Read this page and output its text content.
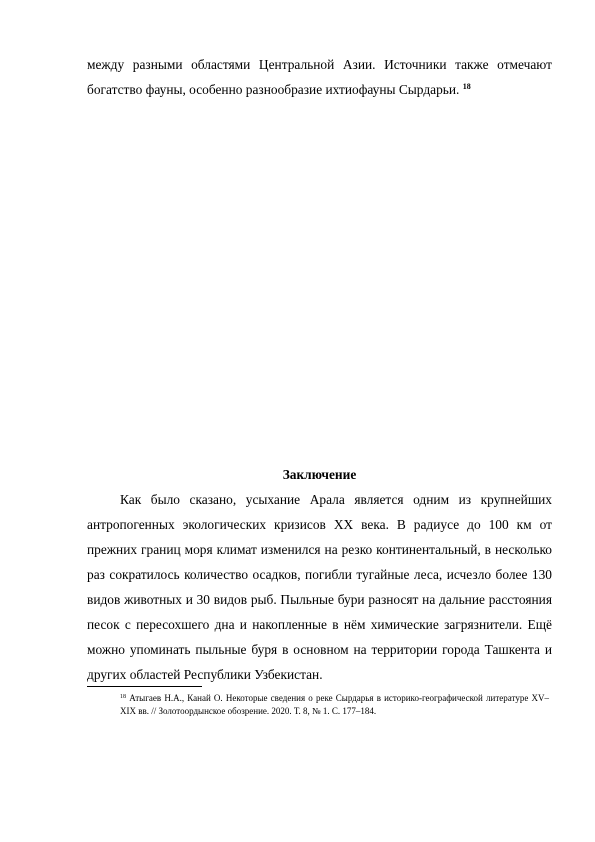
между разными областями Центральной Азии. Источники также отмечают богатство фауны, особенно разнообразие ихтиофауны Сырдарьи. $^{18}$

Заключение

Как было сказано, усыхание Арала является одним из крупнейших антропогенных экологических кризисов XX века. В радиусе до 100 км от прежних границ моря климат изменился на резко континентальный, в несколько раз сократилось количество осадков, погибли тугайные леса, исчезло более 130 видов животных и 30 видов рыб. Пыльные бури разносят на дальние расстояния песок с пересохшего дна и накопленные в нём химические загрязнители. Ещё можно упоминать пыльные буря в основном на территории города Ташкента и других областей Республики Узбекистан.

$^{18}$ Атыгаев Н.А., Канай О. Некоторые сведения о реке Сырдарья в историко-географической литературе XV–XIX вв. // Золотоордынское обозрение. 2020. Т. 8, № 1. С. 177–184.
